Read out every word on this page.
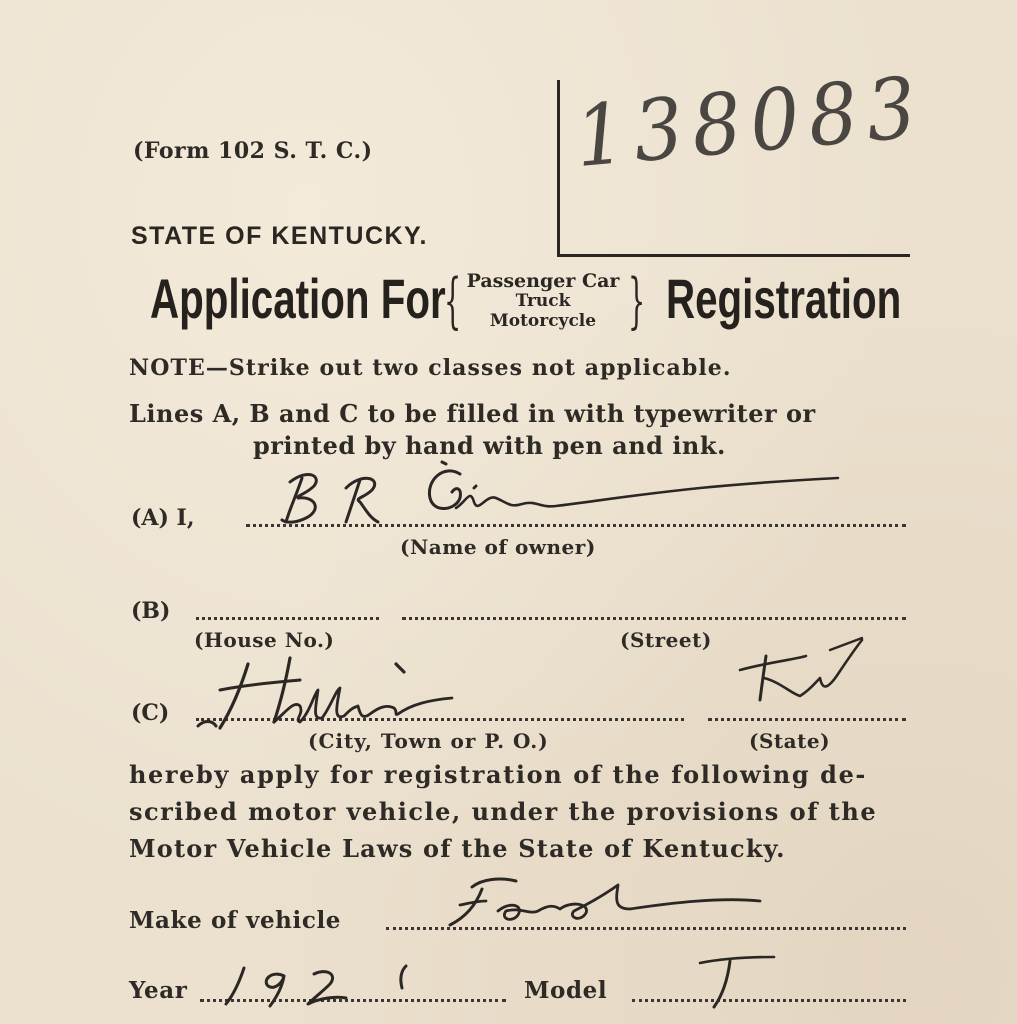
(Form 102 S. T. C.) 138083
STATE OF KENTUCKY.
Application For
{ Passenger Car
Truck
Motorcycle } Registration
NOTE—Strike out two classes not applicable.
Lines A, B and C to be filled in with typewriter or
printed by hand with pen and ink.
(A) I,
(Name of owner)
(B)
(House No.)	(Street)
(C)
(City, Town or P. O.)	(State)
hereby apply for registration of the following de-
scribed motor vehicle, under the provisions of the
Motor Vehicle Laws of the State of Kentucky.
Make of vehicle
Year	Model
